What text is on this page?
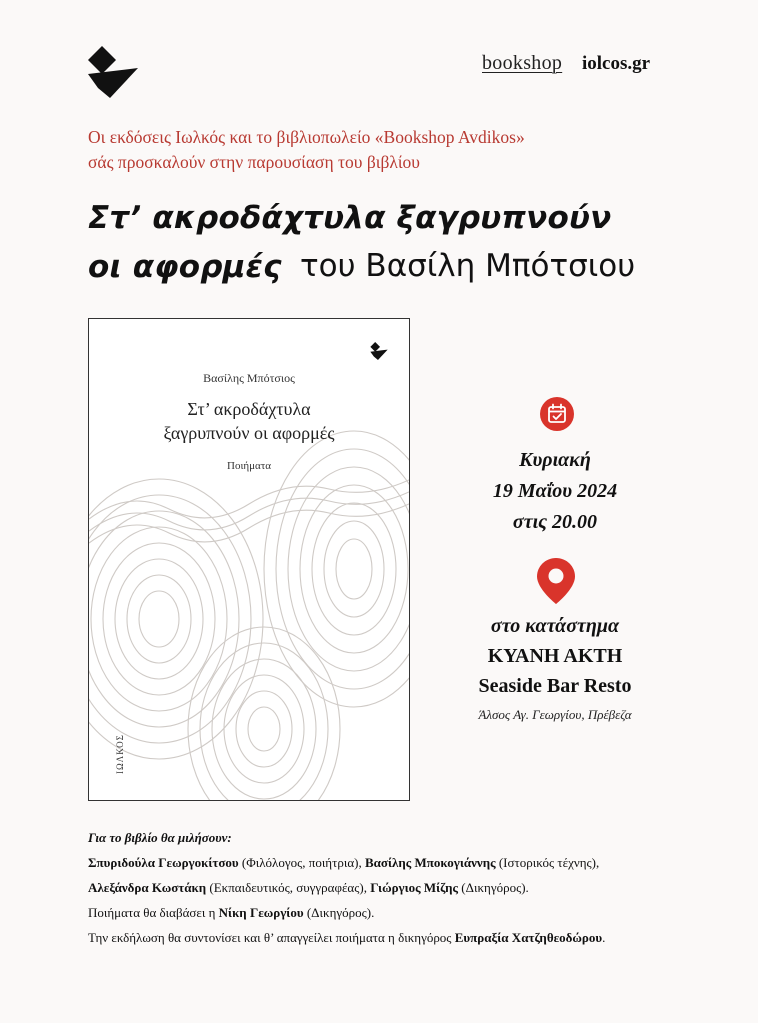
bookshop iolcos.gr
Οι εκδόσεις Ιωλκός και το βιβλιοπωλείο «Bookshop Avdikos»
σάς προσκαλούν στην παρουσίαση του βιβλίου
Στ’ ακροδάχτυλα ξαγρυπνούν
οι αφορμές του Βασίλη Μπότσιου
Βασίλης Μπότσιος
Στ’ ακροδάχτυλα
ξαγρυπνούν οι αφορμές
Ποιήματα
ΙΩΛΚΟΣ
Κυριακή
19 Μαΐου 2024
στις 20.00
στο κατάστημα
ΚΥΑΝΗ ΑΚΤΗ
Seaside Bar Resto
Άλσος Αγ. Γεωργίου, Πρέβεζα
Για το βιβλίο θα μιλήσουν:
Σπυριδούλα Γεωργοκίτσου (Φιλόλογος, ποιήτρια), Βασίλης Μποκογιάννης (Ιστορικός τέχνης),
Αλεξάνδρα Κωστάκη (Εκπαιδευτικός, συγγραφέας), Γιώργιος Μίζης (Δικηγόρος).
Ποιήματα θα διαβάσει η Νίκη Γεωργίου (Δικηγόρος).
Την εκδήλωση θα συντονίσει και θ’ απαγγείλει ποιήματα η δικηγόρος Ευπραξία Χατζηθεοδώρου.
